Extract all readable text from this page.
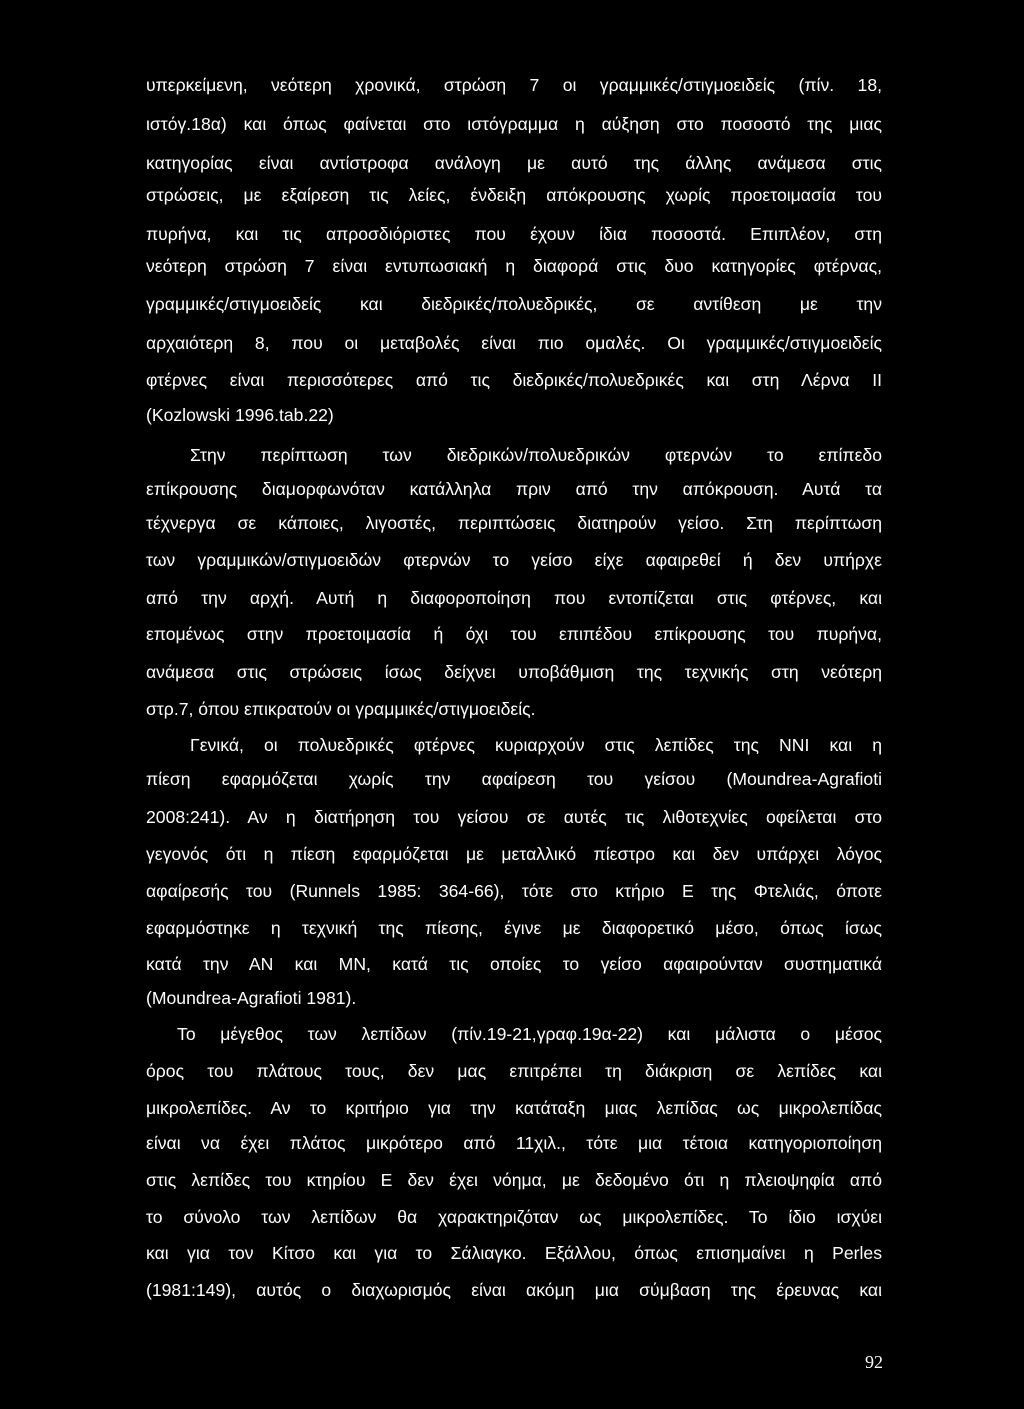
υπερκείμενη, νεότερη χρονικά, στρώση 7 οι γραμμικές/στιγμοειδείς (πίν. 18,
ιστόγ.18α) και όπως φαίνεται στο ιστόγραμμα η αύξηση στο ποσοστό της μιας
κατηγορίας είναι αντίστροφα ανάλογη με αυτό της άλλης ανάμεσα στις
στρώσεις, με εξαίρεση τις λείες, ένδειξη απόκρουσης χωρίς προετοιμασία του
πυρήνα, και τις απροσδιόριστες που έχουν ίδια ποσοστά. Επιπλέον, στη
νεότερη στρώση 7 είναι εντυπωσιακή η διαφορά στις δυο κατηγορίες φτέρνας,
γραμμικές/στιγμοειδείς και διεδρικές/πολυεδρικές, σε αντίθεση με την
αρχαιότερη 8, που οι μεταβολές είναι πιο ομαλές. Οι γραμμικές/στιγμοειδείς
φτέρνες είναι περισσότερες από τις διεδρικές/πολυεδρικές και στη Λέρνα II
(Kozlowski 1996.tab.22)
Στην περίπτωση των διεδρικών/πολυεδρικών φτερνών το επίπεδο
επίκρουσης διαμορφωνόταν κατάλληλα πριν από την απόκρουση. Αυτά τα
τέχνεργα σε κάποιες, λιγοστές, περιπτώσεις διατηρούν γείσο. Στη περίπτωση
των γραμμικών/στιγμοειδών φτερνών το γείσο είχε αφαιρεθεί ή δεν υπήρχε
από την αρχή. Αυτή η διαφοροποίηση που εντοπίζεται στις φτέρνες, και
επομένως στην προετοιμασία ή όχι του επιπέδου επίκρουσης του πυρήνα,
ανάμεσα στις στρώσεις ίσως δείχνει υποβάθμιση της τεχνικής στη νεότερη
στρ.7, όπου επικρατούν οι γραμμικές/στιγμοειδείς.
Γενικά, οι πολυεδρικές φτέρνες κυριαρχούν στις λεπίδες της ΝΝΙ και η
πίεση εφαρμόζεται χωρίς την αφαίρεση του γείσου (Moundrea-Agrafioti
2008:241). Αν η διατήρηση του γείσου σε αυτές τις λιθοτεχνίες οφείλεται στο
γεγονός ότι η πίεση εφαρμόζεται με μεταλλικό πίεστρο και δεν υπάρχει λόγος
αφαίρεσής του (Runnels 1985: 364-66), τότε στο κτήριο Ε της Φτελιάς, όποτε
εφαρμόστηκε η τεχνική της πίεσης, έγινε με διαφορετικό μέσο, όπως ίσως
κατά την ΑΝ και ΜΝ, κατά τις οποίες το γείσο αφαιρούνταν συστηματικά
(Moundrea-Agrafioti 1981).
Το μέγεθος των λεπίδων (πίν.19-21,γραφ.19α-22) και μάλιστα ο μέσος
όρος του πλάτους τους, δεν μας επιτρέπει τη διάκριση σε λεπίδες και
μικρολεπίδες. Αν το κριτήριο για την κατάταξη μιας λεπίδας ως μικρολεπίδας
είναι να έχει πλάτος μικρότερο από 11χιλ., τότε μια τέτοια κατηγοριοποίηση
στις λεπίδες του κτηρίου Ε δεν έχει νόημα, με δεδομένο ότι η πλειοψηφία από
το σύνολο των λεπίδων θα χαρακτηριζόταν ως μικρολεπίδες. Το ίδιο ισχύει
και για τον Κίτσο και για το Σάλιαγκο. Εξάλλου, όπως επισημαίνει η Perles
(1981:149), αυτός ο διαχωρισμός είναι ακόμη μια σύμβαση της έρευνας και
92
